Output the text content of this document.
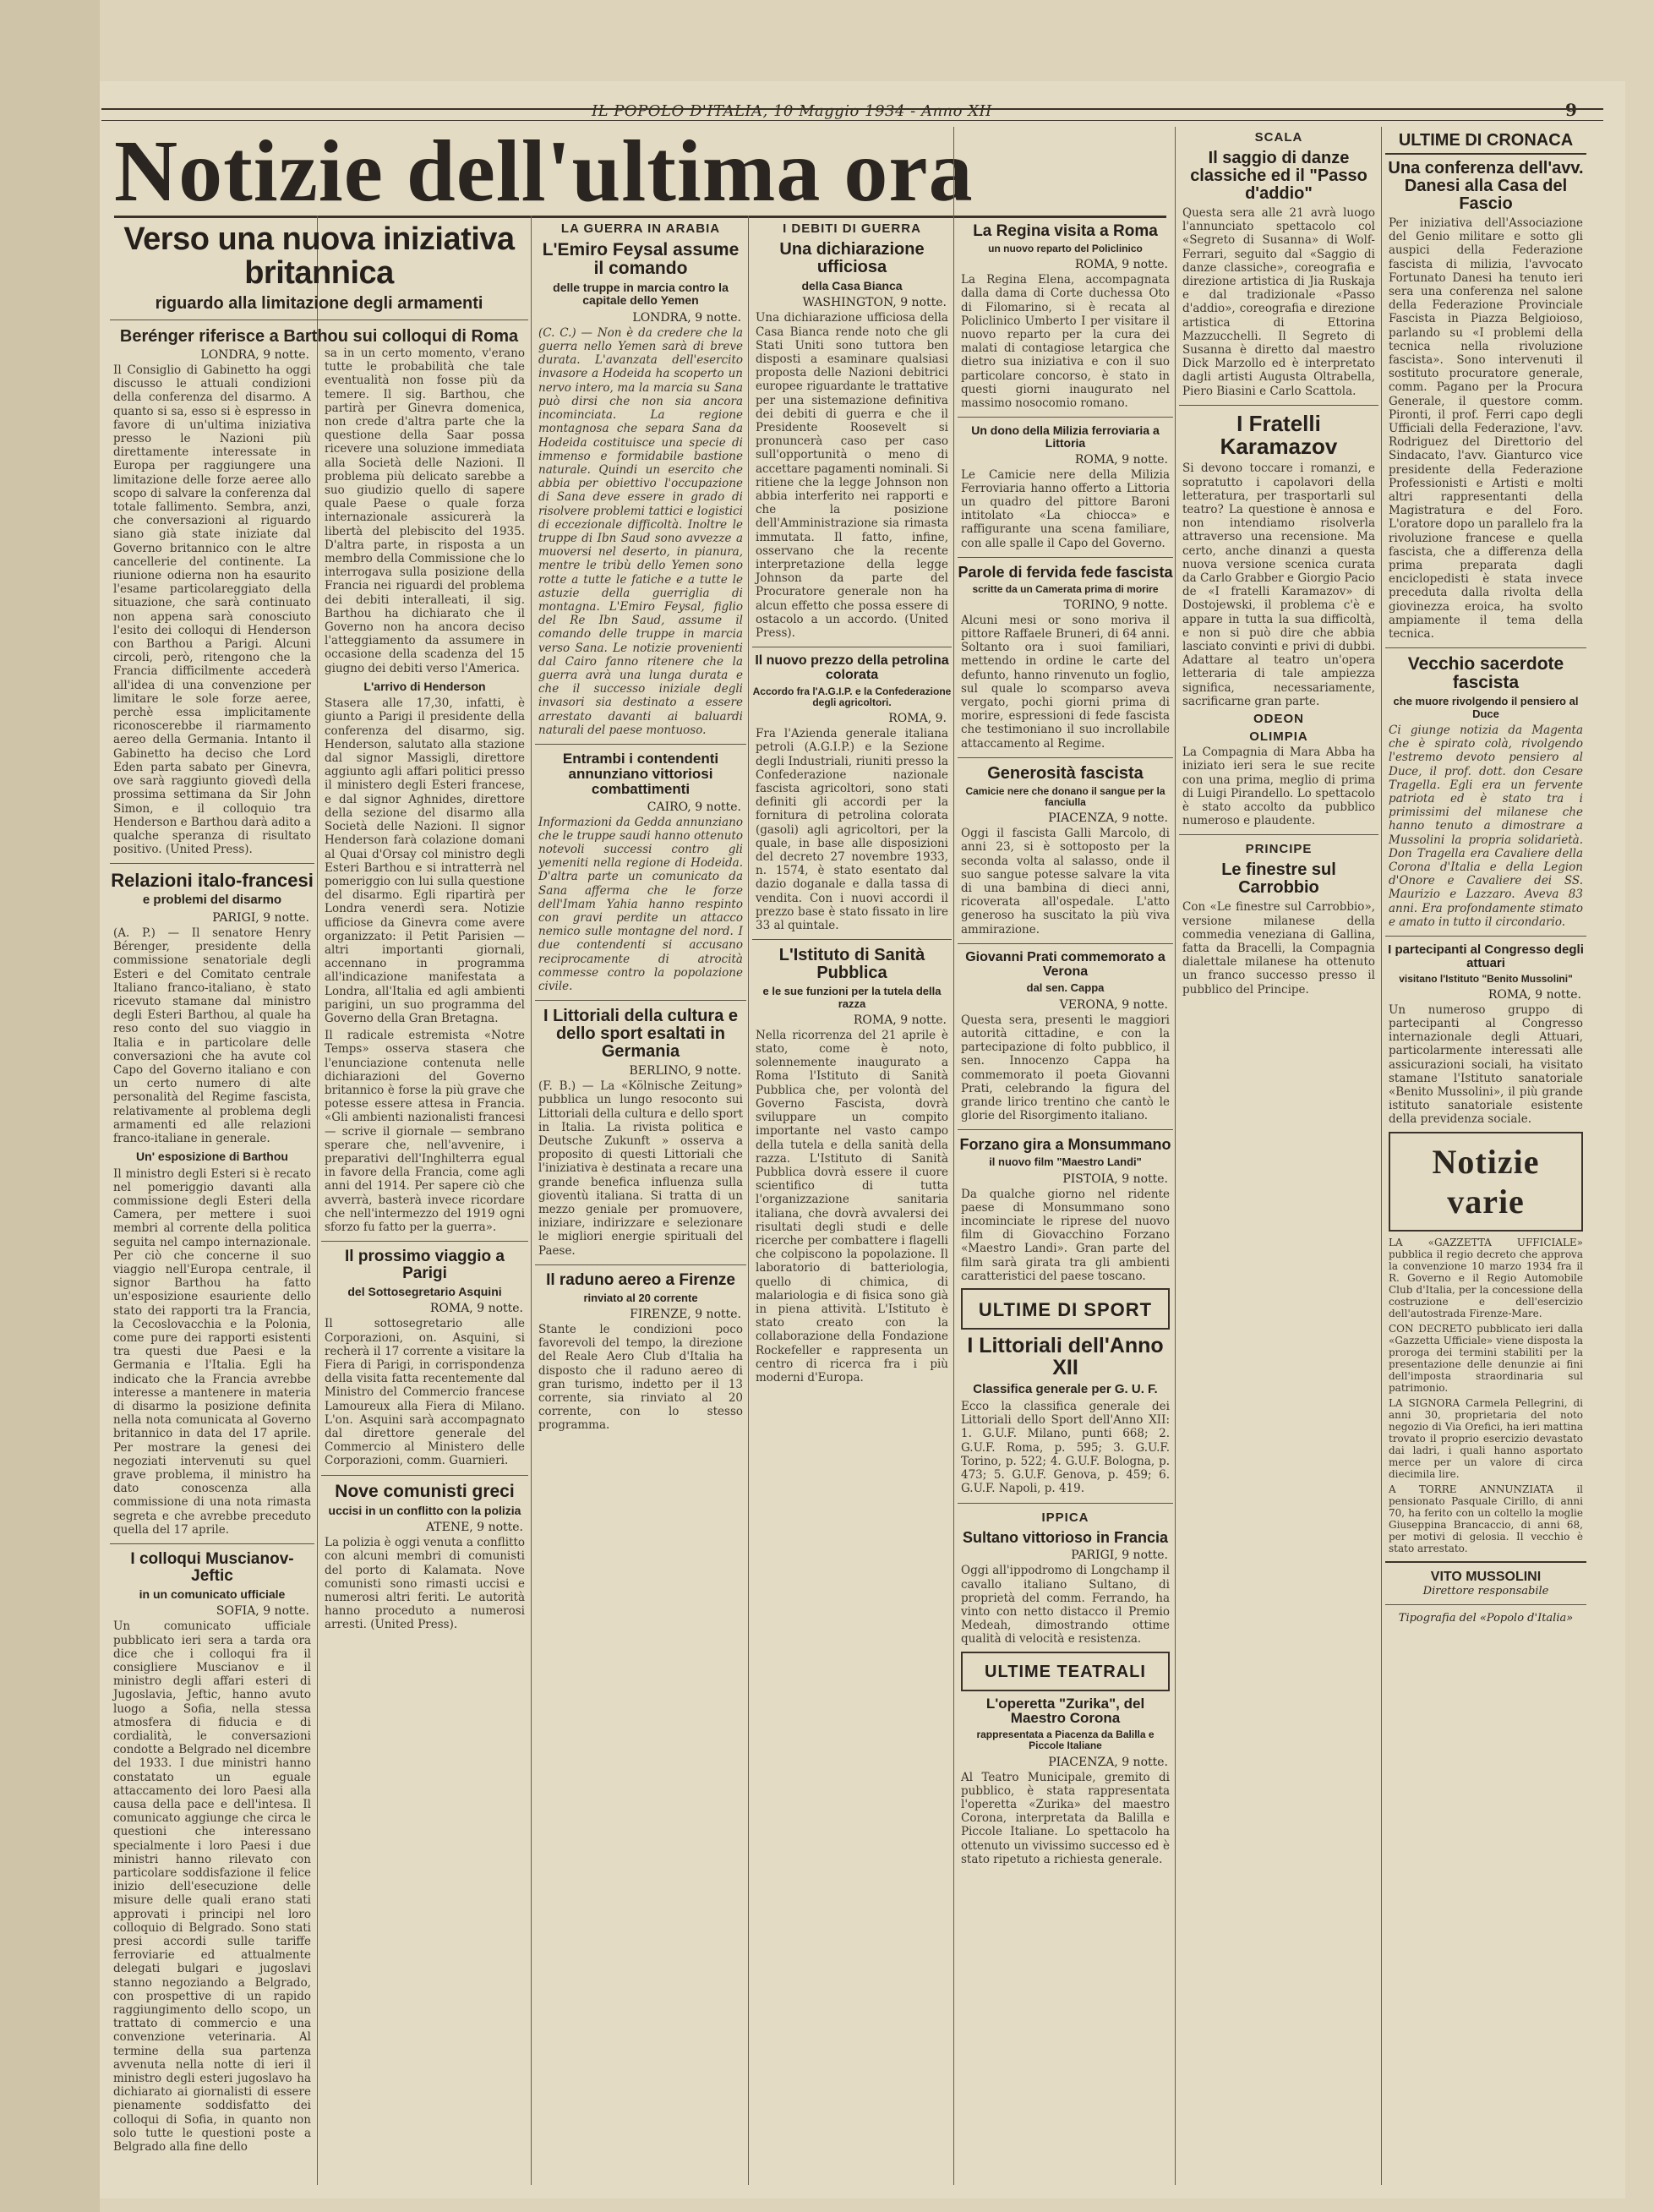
IL POPOLO D'ITALIA, 10 Maggio 1934 - Anno XII	9
Notizie dell'ultima ora
Verso una nuova iniziativa britannica
riguardo alla limitazione degli armamenti
Berénger riferisce a Barthou sui colloqui di Roma
LONDRA, 9 notte.

Il Consiglio di Gabinetto ha oggi discusso le attuali condizioni della conferenza del disarmo. A quanto si sa, esso si è espresso in favore di un'ultima iniziativa presso le Nazioni più direttamente interessate in Europa per raggiungere una limitazione delle forze aeree allo scopo di salvare la conferenza dal totale fallimento. Sembra, anzi, che conversazioni al riguardo siano già state iniziate dal Governo britannico con le altre cancellerie del continente. La riunione odierna non ha esaurito l'esame particolareggiato della situazione, che sarà continuato non appena sarà conosciuto l'esito dei colloqui di Henderson con Barthou a Parigi. Alcuni circoli, però, ritengono che la Francia difficilmente accederà all'idea di una convenzione per limitare le sole forze aeree, perchè essa implicitamente riconoscerebbe il riarmamento aereo della Germania. Intanto il Gabinetto ha deciso che Lord Eden parta sabato per Ginevra, ove sarà raggiunto giovedì della prossima settimana da Sir John Simon, e il colloquio tra Henderson e Barthou darà adito a qualche speranza di risultato positivo. (United Press).

Relazioni italo-francesi
e problemi del disarmo
PARIGI, 9 notte.

(A. P.) — Il senatore Henry Bérenger, presidente della commissione senatoriale degli Esteri e del Comitato centrale Italiano franco-italiano, è stato ricevuto stamane dal ministro degli Esteri Barthou, al quale ha reso conto del suo viaggio in Italia e in particolare delle conversazioni che ha avute col Capo del Governo italiano e con un certo numero di alte personalità del Regime fascista, relativamente al problema degli armamenti ed alle relazioni franco-italiane in generale.

Un' esposizione di Barthou

Il ministro degli Esteri si è recato nel pomeriggio davanti alla commissione degli Esteri della Camera, per mettere i suoi membri al corrente della politica seguita nel campo internazionale. Per ciò che concerne il suo viaggio nell'Europa centrale, il signor Barthou ha fatto un'esposizione esauriente dello stato dei rapporti tra la Francia, la Cecoslovacchia e la Polonia, come pure dei rapporti esistenti tra questi due Paesi e la Germania e l'Italia. Egli ha indicato che la Francia avrebbe interesse a mantenere in materia di disarmo la posizione definita nella nota comunicata al Governo britannico in data del 17 aprile. Per mostrare la genesi dei negoziati intervenuti su quel grave problema, il ministro ha dato conoscenza alla commissione di una nota rimasta segreta e che avrebbe preceduto quella del 17 aprile.

I colloqui Muscianov-Jeftic
in un comunicato ufficiale
SOFIA, 9 notte.

Un comunicato ufficiale pubblicato ieri sera a tarda ora dice che i colloqui fra il consigliere Muscianov e il ministro degli affari esteri di Jugoslavia, Jeftic, hanno avuto luogo a Sofia, nella stessa atmosfera di fiducia e di cordialità, le conversazioni condotte a Belgrado nel dicembre del 1933. I due ministri hanno constatato un eguale attaccamento dei loro Paesi alla causa della pace e dell'intesa. Il comunicato aggiunge che circa le questioni che interessano specialmente i loro Paesi i due ministri hanno rilevato con particolare soddisfazione il felice inizio dell'esecuzione delle misure delle quali erano stati approvati i principi nel loro colloquio di Belgrado. Sono stati presi accordi sulle tariffe ferroviarie ed attualmente delegati bulgari e jugoslavi stanno negoziando a Belgrado, con prospettive di un rapido raggiungimento dello scopo, un trattato di commercio e una convenzione veterinaria. Al termine della sua partenza avvenuta nella notte di ieri il ministro degli esteri jugoslavo ha dichiarato ai giornalisti di essere pienamente soddisfatto dei colloqui di Sofia, in quanto non solo tutte le questioni poste a Belgrado alla fine dello

sa in un certo momento, v'erano tutte le probabilità che tale eventualità non fosse più da temere. Il sig. Barthou, che partirà per Ginevra domenica, non crede d'altra parte che la questione della Saar possa ricevere una soluzione immediata alla Società delle Nazioni. Il problema più delicato sarebbe a suo giudizio quello di sapere quale Paese o quale forza internazionale assicurerà la libertà del plebiscito del 1935. D'altra parte, in risposta a un membro della Commissione che lo interrogava sulla posizione della Francia nei riguardi del problema dei debiti interalleati, il sig. Barthou ha dichiarato che il Governo non ha ancora deciso l'atteggiamento da assumere in occasione della scadenza del 15 giugno dei debiti verso l'America.

L'arrivo di Henderson

Stasera alle 17,30, infatti, è giunto a Parigi il presidente della conferenza del disarmo, sig. Henderson, salutato alla stazione dal signor Massigli, direttore aggiunto agli affari politici presso il ministero degli Esteri francese, e dal signor Aghnides, direttore della sezione del disarmo alla Società delle Nazioni. Il signor Henderson farà colazione domani al Quai d'Orsay col ministro degli Esteri Barthou e si intratterrà nel pomeriggio con lui sulla questione del disarmo. Egli ripartirà per Londra venerdì sera. Notizie ufficiose da Ginevra come avere organizzato: il Petit Parisien — altri importanti giornali, accennano in programma all'indicazione manifestata a Londra, all'Italia ed agli ambienti parigini, un suo programma del Governo della Gran Bretagna.

Il radicale estremista «Notre Temps» osserva stasera che l'enunciazione contenuta nelle dichiarazioni del Governo britannico è forse la più grave che potesse essere attesa in Francia. «Gli ambienti nazionalisti francesi — scrive il giornale — sembrano sperare che, nell'avvenire, i preparativi dell'Inghilterra egual in favore della Francia, come agli anni del 1914. Per sapere ciò che avverrà, basterà invece ricordare che nell'intermezzo del 1919 ogni sforzo fu fatto per la guerra».

Il prossimo viaggio a Parigi
del Sottosegretario Asquini
ROMA, 9 notte.

Il sottosegretario alle Corporazioni, on. Asquini, si recherà il 17 corrente a visitare la Fiera di Parigi, in corrispondenza della visita fatta recentemente dal Ministro del Commercio francese Lamoureux alla Fiera di Milano. L'on. Asquini sarà accompagnato dal direttore generale del Commercio al Ministero delle Corporazioni, comm. Guarnieri.

Nove comunisti greci
uccisi in un conflitto con la polizia
ATENE, 9 notte.

La polizia è oggi venuta a conflitto con alcuni membri di comunisti del porto di Kalamata. Nove comunisti sono rimasti uccisi e numerosi altri feriti. Le autorità hanno proceduto a numerosi arresti. (United Press).

LA GUERRA IN ARABIA
L'Emiro Feysal assume il comando
delle truppe in marcia contro la capitale dello Yemen
LONDRA, 9 notte.

(C. C.) — Non è da credere che la guerra nello Yemen sarà di breve durata. L'avanzata dell'esercito invasore a Hodeida ha scoperto un nervo intero, ma la marcia su Sana può dirsi che non sia ancora incominciata. La regione montagnosa che separa Sana da Hodeida costituisce una specie di immenso e formidabile bastione naturale. Quindi un esercito che abbia per obiettivo l'occupazione di Sana deve essere in grado di risolvere problemi tattici e logistici di eccezionale difficoltà. Inoltre le truppe di Ibn Saud sono avvezze a muoversi nel deserto, in pianura, mentre le tribù dello Yemen sono rotte a tutte le fatiche e a tutte le astuzie della guerriglia di montagna. L'Emiro Feysal, figlio del Re Ibn Saud, assume il comando delle truppe in marcia verso Sana. Le notizie provenienti dal Cairo fanno ritenere che la guerra avrà una lunga durata e che il successo iniziale degli invasori sia destinato a essere arrestato davanti ai baluardi naturali del paese montuoso.

Entrambi i contendenti annunziano vittoriosi combattimenti
CAIRO, 9 notte.

Informazioni da Gedda annunziano che le truppe saudi hanno ottenuto notevoli successi contro gli yemeniti nella regione di Hodeida. D'altra parte un comunicato da Sana afferma che le forze dell'Imam Yahia hanno respinto con gravi perdite un attacco nemico sulle montagne del nord. I due contendenti si accusano reciprocamente di atrocità commesse contro la popolazione civile.

I Littoriali della cultura e dello sport esaltati in Germania
BERLINO, 9 notte.

(F. B.) — La «Kölnische Zeitung» pubblica un lungo resoconto sui Littoriali della cultura e dello sport in Italia. La rivista politica e Deutsche Zukunft » osserva a proposito di questi Littoriali che l'iniziativa è destinata a recare una grande benefica influenza sulla gioventù italiana. Si tratta di un mezzo geniale per promuovere, iniziare, indirizzare e selezionare le migliori energie spirituali del Paese.

Il raduno aereo a Firenze
rinviato al 20 corrente
FIRENZE, 9 notte.

Stante le condizioni poco favorevoli del tempo, la direzione del Reale Aero Club d'Italia ha disposto che il raduno aereo di gran turismo, indetto per il 13 corrente, sia rinviato al 20 corrente, con lo stesso programma.

I DEBITI DI GUERRA
Una dichiarazione ufficiosa
della Casa Bianca
WASHINGTON, 9 notte.

Una dichiarazione ufficiosa della Casa Bianca rende noto che gli Stati Uniti sono tuttora ben disposti a esaminare qualsiasi proposta delle Nazioni debitrici europee riguardante le trattative per una sistemazione definitiva dei debiti di guerra e che il Presidente Roosevelt si pronuncerà caso per caso sull'opportunità o meno di accettare pagamenti nominali. Si ritiene che la legge Johnson non abbia interferito nei rapporti e che la posizione dell'Amministrazione sia rimasta immutata. Il fatto, infine, osservano che la recente interpretazione della legge Johnson da parte del Procuratore generale non ha alcun effetto che possa essere di ostacolo a un accordo. (United Press).

Il nuovo prezzo della petrolina colorata
Accordo fra l'A.G.I.P. e la Confederazione degli agricoltori.
ROMA, 9.

Fra l'Azienda generale italiana petroli (A.G.I.P.) e la Sezione degli Industriali, riuniti presso la Confederazione nazionale fascista agricoltori, sono stati definiti gli accordi per la fornitura di petrolina colorata (gasoli) agli agricoltori, per la quale, in base alle disposizioni del decreto 27 novembre 1933, n. 1574, è stato esentato dal dazio doganale e dalla tassa di vendita. Con i nuovi accordi il prezzo base è stato fissato in lire 33 al quintale.

L'Istituto di Sanità Pubblica
e le sue funzioni per la tutela della razza
ROMA, 9 notte.

Nella ricorrenza del 21 aprile è stato, come è noto, solennemente inaugurato a Roma l'Istituto di Sanità Pubblica che, per volontà del Governo Fascista, dovrà sviluppare un compito importante nel vasto campo della tutela e della sanità della razza. L'Istituto di Sanità Pubblica dovrà essere il cuore scientifico di tutta l'organizzazione sanitaria italiana, che dovrà avvalersi dei risultati degli studi e delle ricerche per combattere i flagelli che colpiscono la popolazione. Il laboratorio di batteriologia, quello di chimica, di malariologia e di fisica sono già in piena attività. L'Istituto è stato creato con la collaborazione della Fondazione Rockefeller e rappresenta un centro di ricerca fra i più moderni d'Europa.

La Regina visita a Roma
un nuovo reparto del Policlinico
ROMA, 9 notte.

La Regina Elena, accompagnata dalla dama di Corte duchessa Oto di Filomarino, si è recata al Policlinico Umberto I per visitare il nuovo reparto per la cura dei malati di contagiose letargica che dietro sua iniziativa e con il suo particolare concorso, è stato in questi giorni inaugurato nel massimo nosocomio romano.

Un dono della Milizia ferroviaria a Littoria
ROMA, 9 notte.

Le Camicie nere della Milizia Ferroviaria hanno offerto a Littoria un quadro del pittore Baroni intitolato «La chiocca» e raffigurante una scena familiare, con alle spalle il Capo del Governo.

Parole di fervida fede fascista
scritte da un Camerata prima di morire
TORINO, 9 notte.

Alcuni mesi or sono moriva il pittore Raffaele Bruneri, di 64 anni. Soltanto ora i suoi familiari, mettendo in ordine le carte del defunto, hanno rinvenuto un foglio, sul quale lo scomparso aveva vergato, pochi giorni prima di morire, espressioni di fede fascista che testimoniano il suo incrollabile attaccamento al Regime.

Generosità fascista
Camicie nere che donano il sangue per la fanciulla
PIACENZA, 9 notte.

Oggi il fascista Galli Marcolo, di anni 23, si è sottoposto per la seconda volta al salasso, onde il suo sangue potesse salvare la vita di una bambina di dieci anni, ricoverata all'ospedale. L'atto generoso ha suscitato la più viva ammirazione.

Giovanni Prati commemorato a Verona
dal sen. Cappa
VERONA, 9 notte.

Questa sera, presenti le maggiori autorità cittadine, e con la partecipazione di folto pubblico, il sen. Innocenzo Cappa ha commemorato il poeta Giovanni Prati, celebrando la figura del grande lirico trentino che cantò le glorie del Risorgimento italiano.

Forzano gira a Monsummano
il nuovo film "Maestro Landi"
PISTOIA, 9 notte.

Da qualche giorno nel ridente paese di Monsummano sono incominciate le riprese del nuovo film di Giovacchino Forzano «Maestro Landi». Gran parte del film sarà girata tra gli ambienti caratteristici del paese toscano.

ULTIME DI SPORT
I Littoriali dell'Anno XII
Classifica generale per G. U. F.

Ecco la classifica generale dei Littoriali dello Sport dell'Anno XII: 1. G.U.F. Milano, punti 668; 2. G.U.F. Roma, p. 595; 3. G.U.F. Torino, p. 522; 4. G.U.F. Bologna, p. 473; 5. G.U.F. Genova, p. 459; 6. G.U.F. Napoli, p. 419.

IPPICA
Sultano vittorioso in Francia
PARIGI, 9 notte.

Oggi all'ippodromo di Longchamp il cavallo italiano Sultano, di proprietà del comm. Ferrando, ha vinto con netto distacco il Premio Medeah, dimostrando ottime qualità di velocità e resistenza.

ULTIME TEATRALI
L'operetta "Zurika", del Maestro Corona
rappresentata a Piacenza da Balilla e Piccole Italiane
PIACENZA, 9 notte.

Al Teatro Municipale, gremito di pubblico, è stata rappresentata l'operetta «Zurika» del maestro Corona, interpretata da Balilla e Piccole Italiane. Lo spettacolo ha ottenuto un vivissimo successo ed è stato ripetuto a richiesta generale.

SCALA
Il saggio di danze classiche ed il "Passo d'addio"

Questa sera alle 21 avrà luogo l'annunciato spettacolo col «Segreto di Susanna» di Wolf-Ferrari, seguito dal «Saggio di danze classiche», coreografia e direzione artistica di Jia Ruskaja e dal tradizionale «Passo d'addio», coreografia e direzione artistica di Ettorina Mazzucchelli. Il Segreto di Susanna è diretto dal maestro Dick Marzollo ed è interpretato dagli artisti Augusta Oltrabella, Piero Biasini e Carlo Scattola.

I Fratelli Karamazov

Si devono toccare i romanzi, e sopratutto i capolavori della letteratura, per trasportarli sul teatro? La questione è annosa e non intendiamo risolverla attraverso una recensione. Ma certo, anche dinanzi a questa nuova versione scenica curata da Carlo Grabber e Giorgio Pacio de «I fratelli Karamazov» di Dostojewski, il problema c'è e appare in tutta la sua difficoltà, e non si può dire che abbia lasciato convinti e privi di dubbi. Adattare al teatro un'opera letteraria di tale ampiezza significa, necessariamente, sacrificarne gran parte.

ODEON
OLIMPIA

La Compagnia di Mara Abba ha iniziato ieri sera le sue recite con una prima, meglio di prima di Luigi Pirandello. Lo spettacolo è stato accolto da pubblico numeroso e plaudente.

PRINCIPE
Le finestre sul Carrobbio

Con «Le finestre sul Carrobbio», versione milanese della commedia veneziana di Gallina, fatta da Bracelli, la Compagnia dialettale milanese ha ottenuto un franco successo presso il pubblico del Principe.

ULTIME DI CRONACA
Una conferenza dell'avv. Danesi alla Casa del Fascio

Per iniziativa dell'Associazione del Genio militare e sotto gli auspici della Federazione fascista di milizia, l'avvocato Fortunato Danesi ha tenuto ieri sera una conferenza nel salone della Federazione Provinciale Fascista in Piazza Belgioioso, parlando su «I problemi della tecnica nella rivoluzione fascista». Sono intervenuti il sostituto procuratore generale, comm. Pagano per la Procura Generale, il questore comm. Pironti, il prof. Ferri capo degli Ufficiali della Federazione, l'avv. Rodriguez del Direttorio del Sindacato, l'avv. Gianturco vice presidente della Federazione Professionisti e Artisti e molti altri rappresentanti della Magistratura e del Foro. L'oratore dopo un parallelo fra la rivoluzione francese e quella fascista, che a differenza della prima preparata dagli enciclopedisti è stata invece preceduta dalla rivolta della giovinezza eroica, ha svolto ampiamente il tema della tecnica.

Vecchio sacerdote fascista
che muore rivolgendo il pensiero al Duce

Ci giunge notizia da Magenta che è spirato colà, rivolgendo l'estremo devoto pensiero al Duce, il prof. dott. don Cesare Tragella. Egli era un fervente patriota ed è stato tra i primissimi del milanese che hanno tenuto a dimostrare a Mussolini la propria solidarietà. Don Tragella era Cavaliere della Corona d'Italia e della Legion d'Onore e Cavaliere dei SS. Maurizio e Lazzaro. Aveva 83 anni. Era profondamente stimato e amato in tutto il circondario.

I partecipanti al Congresso degli attuari
visitano l'Istituto "Benito Mussolini"
ROMA, 9 notte.

Un numeroso gruppo di partecipanti al Congresso internazionale degli Attuari, particolarmente interessati alle assicurazioni sociali, ha visitato stamane l'Istituto sanatoriale «Benito Mussolini», il più grande istituto sanatoriale esistente della previdenza sociale.

Notizie varie

LA «GAZZETTA UFFICIALE» pubblica il regio decreto che approva la convenzione 10 marzo 1934 fra il R. Governo e il Regio Automobile Club d'Italia, per la concessione della costruzione e dell'esercizio dell'autostrada Firenze-Mare.

CON DECRETO pubblicato ieri dalla «Gazzetta Ufficiale» viene disposta la proroga dei termini stabiliti per la presentazione delle denunzie ai fini dell'imposta straordinaria sul patrimonio.

LA SIGNORA Carmela Pellegrini, di anni 30, proprietaria del noto negozio di Via Orefici, ha ieri mattina trovato il proprio esercizio devastato dai ladri, i quali hanno asportato merce per un valore di circa diecimila lire.

A TORRE ANNUNZIATA il pensionato Pasquale Cirillo, di anni 70, ha ferito con un coltello la moglie Giuseppina Brancaccio, di anni 68, per motivi di gelosia. Il vecchio è stato arrestato.

VITO MUSSOLINI
Direttore responsabile
Tipografia del «Popolo d'Italia»
